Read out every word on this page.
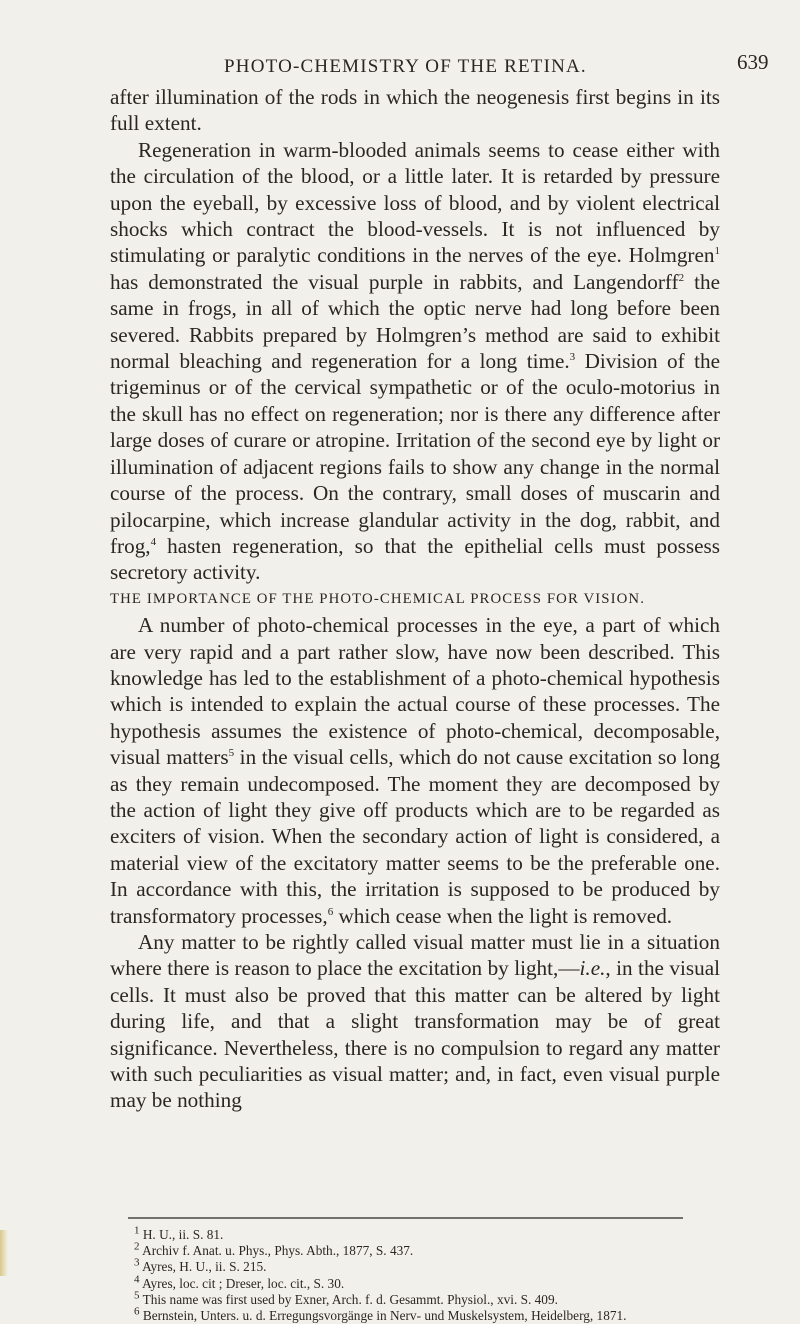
PHOTO-CHEMISTRY OF THE RETINA.	639

after illumination of the rods in which the neogenesis first begins in its full extent.

Regeneration in warm-blooded animals seems to cease either with the circulation of the blood, or a little later. It is retarded by pressure upon the eyeball, by excessive loss of blood, and by violent electrical shocks which contract the blood-vessels. It is not influenced by stimulating or paralytic conditions in the nerves of the eye. Holmgren$^1$ has demonstrated the visual purple in rabbits, and Langendorff$^2$ the same in frogs, in all of which the optic nerve had long before been severed. Rabbits prepared by Holmgren’s method are said to exhibit normal bleaching and regeneration for a long time.$^3$ Division of the trigeminus or of the cervical sympathetic or of the oculo-motorius in the skull has no effect on regeneration; nor is there any difference after large doses of curare or atropine. Irritation of the second eye by light or illumination of adjacent regions fails to show any change in the normal course of the process. On the contrary, small doses of muscarin and pilocarpine, which increase glandular activity in the dog, rabbit, and frog,$^4$ hasten regeneration, so that the epithelial cells must possess secretory activity.

THE IMPORTANCE OF THE PHOTO-CHEMICAL PROCESS FOR VISION.

A number of photo-chemical processes in the eye, a part of which are very rapid and a part rather slow, have now been described. This knowledge has led to the establishment of a photo-chemical hypothesis which is intended to explain the actual course of these processes. The hypothesis assumes the existence of photo-chemical, decomposable, visual matters$^5$ in the visual cells, which do not cause excitation so long as they remain undecomposed. The moment they are decomposed by the action of light they give off products which are to be regarded as exciters of vision. When the secondary action of light is considered, a material view of the excitatory matter seems to be the preferable one. In accordance with this, the irritation is supposed to be produced by transformatory processes,$^6$ which cease when the light is removed.

Any matter to be rightly called visual matter must lie in a situation where there is reason to place the excitation by light,—i.e., in the visual cells. It must also be proved that this matter can be altered by light during life, and that a slight transformation may be of great significance. Nevertheless, there is no compulsion to regard any matter with such peculiarities as visual matter; and, in fact, even visual purple may be nothing

$^1$ H. U., ii. S. 81.
$^2$ Archiv f. Anat. u. Phys., Phys. Abth., 1877, S. 437.
$^3$ Ayres, H. U., ii. S. 215.
$^4$ Ayres, loc. cit ; Dreser, loc. cit., S. 30.
$^5$ This name was first used by Exner, Arch. f. d. Gesammt. Physiol., xvi. S. 409.
$^6$ Bernstein, Unters. u. d. Erregungsvorgänge in Nerv- und Muskelsystem, Heidelberg, 1871.
